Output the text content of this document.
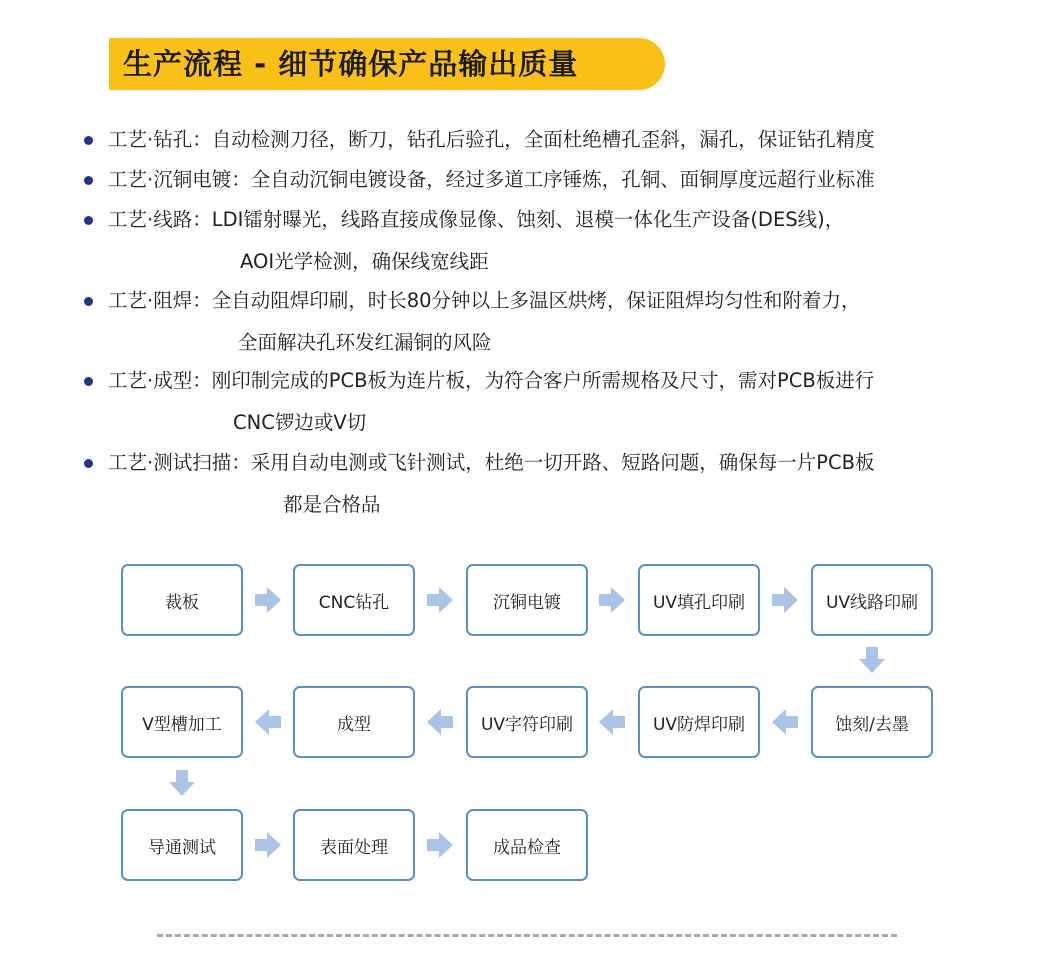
生产流程 - 细节确保产品输出质量
工艺·钻孔：自动检测刀径，断刀，钻孔后验孔，全面杜绝槽孔歪斜，漏孔，保证钻孔精度
工艺·沉铜电镀：全自动沉铜电镀设备，经过多道工序锤炼，孔铜、面铜厚度远超行业标准
工艺·线路：LDI镭射曝光，线路直接成像显像、蚀刻、退模一体化生产设备(DES线)，
AOI光学检测，确保线宽线距
工艺·阻焊：全自动阻焊印刷，时长80分钟以上多温区烘烤，保证阻焊均匀性和附着力，
全面解决孔环发红漏铜的风险
工艺·成型：刚印制完成的PCB板为连片板，为符合客户所需规格及尺寸，需对PCB板进行
CNC锣边或V切
工艺·测试扫描：采用自动电测或飞针测试，杜绝一切开路、短路问题，确保每一片PCB板
都是合格品
裁板	CNC钻孔	沉铜电镀	UV填孔印刷	UV线路印刷
蚀刻/去墨
UV防焊印刷
UV字符印刷
成型
V型槽加工
导通测试	表面处理	成品检查
